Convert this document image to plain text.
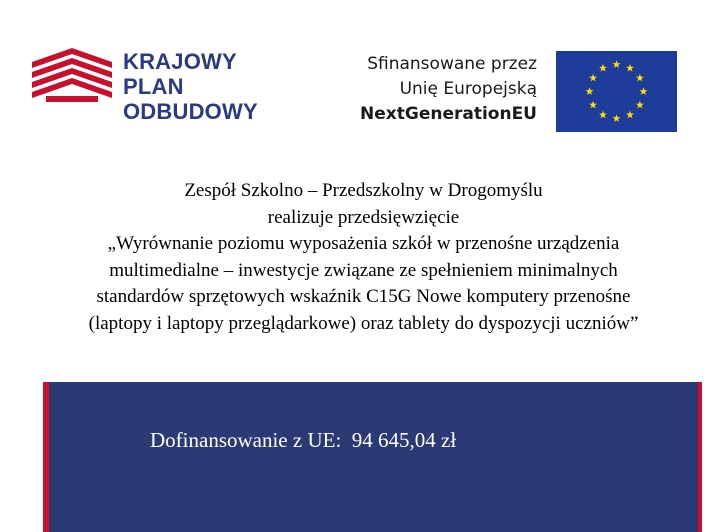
KRAJOWY
PLAN
ODBUDOWY
Sfinansowane przez
Unię Europejską
NextGenerationEU
Zespół Szkolno – Przedszkolny w Drogomyślu
realizuje przedsięwzięcie
„Wyrównanie poziomu wyposażenia szkół w przenośne urządzenia
multimedialne – inwestycje związane ze spełnieniem minimalnych
standardów sprzętowych wskaźnik C15G Nowe komputery przenośne
(laptopy i laptopy przeglądarkowe) oraz tablety do dyspozycji uczniów”
Dofinansowanie z UE:  94 645,04 zł
